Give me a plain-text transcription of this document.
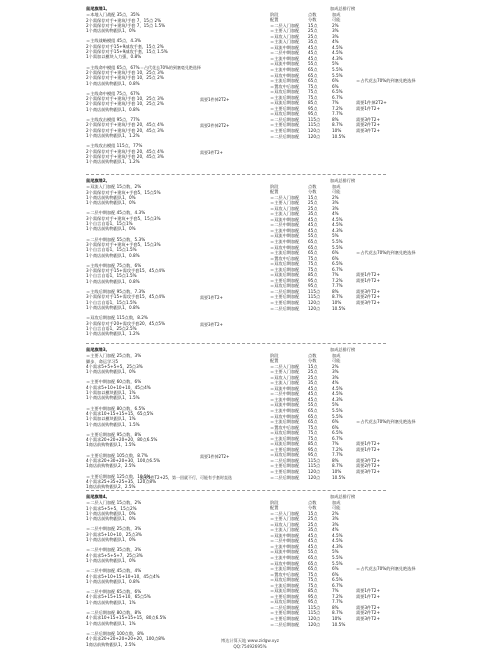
鼠尾旗缘1。
＝本地入门战配 35点，35%
2个需保存对手+建筑/手套 7，15点 2%
2个需保存对手+建筑/手套 7，15点 1.5%
1个商店前购物跟队1，0%
＝主线战略模组 45点，4.3%
2个需保存对手15+9减攻手套，15点 2%
2个需保存对手15+9减攻手套，15点 1.5%
1个需加以模块入力强，0.8%
＝主线命中模组 65点，67%
2个需保存对手+建筑/手套 10，25点 3%
2个需保存对手+建筑/手套 10，25点 2%
1个商店前购物跟队1，0.8%
＝主线命中模组 75点，67%
2个需保存对手+建筑/手套 10，25点 3%
2个需保存对手+建筑/手套 10，25点 2%
1个商店前购物跟队1，0.8%
＝主线攻击模组 95点，77%
2个需保存对手+建筑/手套 20，45点 4%
2个需保存对手+建筑/手套 20，45点 3%
1个商店前购物跟队1，1.2%
＝主线攻击模组 115点，77%
2个需保存对手+建筑/手套 20，45点 4%
2个需保存对手+建筑/手套 20，45点 3%
1个商店前购物跟队1，1.2%
＝占代花去70%的到塞毫兑绝选择
需要1件掉2T2+
需要2件掉2T2+
需要3件T2+
加成总排行榜
阶段	点数	加成
配置	分数	可能
＝二层入门加配	15点	2%
＝主要入门加配	25点	3%
＝双攻入门加配	25点	3%
＝主流入门加配	35点	4%
＝双流中期加配	45点	4.5%
＝二层中期加配	45点	4.5%
＝主流中期加配	45点	4.3%
＝双流中期加配	55点	5%
＝主流中期加配	65点	5.5%
＝双攻中期加配	65点	5.5%
＝主流后期加配	65点	6%	＝占代花去70%的到塞兑绝选择
＝置攻中后加配	75点	6%
＝双攻后期加配	75点	6.5%
＝主流后期加配	75点	6.7%
＝双流后期加配	85点	7%	需要1件掉2T2+
＝主要后期加配	95点	7.2%	需要1件T2+
＝双攻后期加配	95点	7.7%
＝二层后期加配	115点	8%	需要3件T2+
＝主要后期加配	115点	8.7%	需要2件T2+
＝主要后期加配	120点	10%	需要3件T2+
＝二层后期加配	120点	10.5%
鼠尾旗缘2。
＝双流入门加配 15点数，2%
3个需保存对手+建筑+手套5，15点5%
1个商店前购物跟队1，0%
1个商店前购物跟队1，0%
＝二层中期加配 45点数，4.3%
3个需保存对手+建筑+手套5，15点3%
1个自言自语1，15点1%
1个商店前购物跟队1，0%
＝二层中期加配 55点数，5.3%
3个需保存对手+建筑+手套5，15点3%
1个自言自语1，15点1.5%
1个商店前购物跟队1，0.8%
＝主线中期加配 75点数，6%
3个需保存对手15+需攻手套15，45点4%
1个自言自语1，15点1.5%
1个商店前购物跟队1，0.8%
＝主线后期加配 95点数，7.3%
3个需保存对手15+需攻手套15，45点4%
1个自言自语1，15点1.5%
1个商店前购物跟队1，0.8%
＝双攻后期加配 115点数，8.2%
3个需保存对手20+需攻手套20，45点5%
1个自言自语1，25点2.5%
1个商店前购物跟队1，1.2%
需要1件T2+
需要3件T2+
加成总排行榜
阶段	点数	加成
配置	分数	可能
＝二层入门加配	15点	2%
＝主要入门加配	25点	3%
＝双攻入门加配	25点	3%
＝主流入门加配	35点	4%
＝双流中期加配	45点	4.5%
＝二层中期加配	45点	4.5%
＝主流中期加配	45点	4.3%
＝双流中期加配	55点	5%
＝主流中期加配	65点	5.5%
＝双攻中期加配	65点	5.5%
＝主流后期加配	65点	6%	＝占代花去70%的到塞兑绝选择
＝置攻中后加配	75点	6%
＝双攻后期加配	75点	6.5%
＝主流后期加配	75点	6.7%
＝双流后期加配	85点	7%	需要1件T2+
＝主要后期加配	95点	7.2%	需要1件T2+
＝双攻后期加配	95点	7.7%
＝二层后期加配	115点	8%	需要3件T2+
＝主要后期加配	115点	8.7%	需要2件T2+
＝主要后期加配	120点	10%	需要3件T2+
＝二层后期加配	120点	10.5%
鼠尾旗缘3。
＝主要入门加配 25点数，3%
脚步、命运学习5
4个需求5+5+5+5，25点3%
1个商店前购物跟队1，0%
＝主要中期加配 60点数，6%
4个需求5+10+10+10，45点4%
1个需加以模块跟队1，1%
1个商店前购物跟队1，1.5%
＝主要中期加配 80点数，6.5%
4个需求10+15+15+15，65点5%
1个需加以模块跟队1，1%
1个商店前购物跟队1，1.5%
＝主要后期加配 95点数，8%
4个需求20+20+20+20，80点6.5%
1商店前购物跟队1，1.5%
＝主要后期加配 105点数，8.7%
4个需求20+30+20+30，100点6.5%
1商店前购物跟队2，2.5%
＝主要后期加配 125点数，10.5%
4个需求25+35+25+35，120点8%
1商店前购物跟队2，2.5%
需要1件掉2T2+
需要5件T2+25，第一回就不行，可能有手套时直选
加成总排行榜
阶段	点数	加成
配置	分数	可能
＝二层入门加配	15点	2%
＝主要入门加配	25点	3%
＝双攻入门加配	25点	3%
＝主流入门加配	35点	4%
＝双流中期加配	45点	4.5%
＝二层中期加配	45点	4.5%
＝主流中期加配	45点	4.3%
＝双流中期加配	55点	5%
＝主流中期加配	65点	5.5%
＝双攻中期加配	65点	5.5%
＝主流后期加配	65点	6%	＝占代花去70%的到塞兑绝选择
＝置攻中后加配	75点	6%
＝双攻后期加配	75点	6.5%
＝主流后期加配	75点	6.7%
＝双流后期加配	85点	7%	需要1件T2+
＝主要后期加配	95点	7.2%	需要1件T2+
＝双攻后期加配	95点	7.7%
＝二层后期加配	115点	8%	需要3件T2+
＝主要后期加配	115点	8.7%	需要2件T2+
＝主要后期加配	120点	10%	需要3件T2+
＝二层后期加配	120点	10.5%
鼠尾旗缘4。
＝二层入门加配 15点数，2%
1个需求5+5+5，15点2%
1个商店前购物跟队1，0%
1个商店前购物跟队1，0%
＝二层中期加配 25点数，3%
3个需求5+10+10，25点3%
1个商店前购物跟队1，0%
＝二层中期加配 35点数，3%
4个需求5+5+5+7，25点3%
1个商店前购物跟队1，0%
＝二层中期加配 45点数，4%
4个需求5+10+15+10+10，45点4%
1个商店前购物跟队1，0.8%
＝二层中期加配 65点数，6%
4个需求5+15+15+10，65点5%
1个商店前购物跟队1，1%
＝二层后期加配 80点数，8%
4个需求10+15+15+15+15，80点6.5%
1个商店前购物跟队1，1%
＝二层后期加配 100点数，8%
4个需求20+20+20+20+20，100点8%
1商店前购物跟队1，2.5%
加成总排行榜
阶段	点数	加成
配置	分数	可能
＝二层入门加配	15点	2%
＝主要入门加配	25点	3%
＝双攻入门加配	25点	3%
＝主流入门加配	35点	4%
＝双流中期加配	45点	4.5%
＝二层中期加配	45点	4.5%
＝主流中期加配	45点	4.3%
＝双流中期加配	55点	5%
＝主流中期加配	65点	5.5%
＝双攻中期加配	65点	5.5%
＝主流后期加配	65点	6%	＝占代花去70%的到塞兑绝选择
＝置攻中后加配	75点	6%
＝双攻后期加配	75点	6.5%
＝主流后期加配	75点	6.7%
＝双流后期加配	85点	7%	需要1件T2+
＝主要后期加配	95点	7.2%	需要1件T2+
＝双攻后期加配	95点	7.7%
＝二层后期加配	115点	8%	需要3件T2+
＝主要后期加配	115点	8.7%	需要2件T2+
＝主要后期加配	120点	10%	需要3件T2+
＝二层后期加配	120点	10.5%
博达计算天地 www.zidgw.xyz
QQ:75492695%
